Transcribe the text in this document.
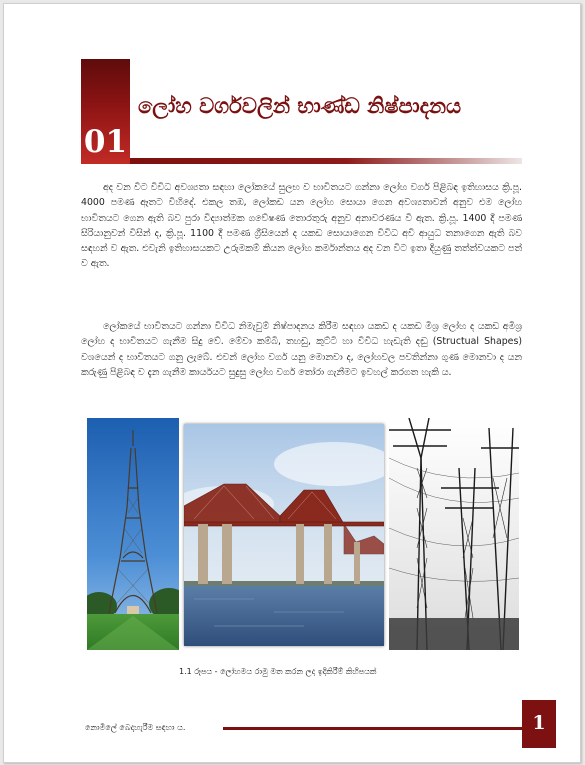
01
ලෝහ වර්ගවලින් භාණ්ඩ නිෂ්පාදනය
අද වන විට විවිධ අවශ්‍යතා සඳහා ලෝකයේ සුලභ ව භාවිතයට ගන්නා ලෝහ වර්ග පිළිබඳ ඉතිහාසය ක්‍රි.පූ. 4000 පමණ ඈතට විහිදේ. එකල තඹ, ලෝකඩ යන ලෝහ සොයා ගෙන අවශ්‍යතාවන් අනුව එම ලෝහ භාවිතයට ගෙන ඇති බව පුරා විද්‍යාත්මක ගවේෂණ තොරතුරු අනුව අනාවරණය වී ඇත. ක්‍රි.පූ. 1400 දී පමණ සිරියානුවන් විසින් ද, ක්‍රි.පූ. 1100 දී පමණ ග්‍රීසියෙන් ද යකඩ සොයාගෙන විවිධ අවි ආයුධ තනාගෙන ඇති බව සඳහන් ව ඇත. එවැනි ඉතිහාසයකට උරුමකම් කියන ලෝහ කර්මාන්තය අද වන විට ඉතා දියුණු තත්ත්වයකට පත් ව ඇත.
ලෝකයේ භාවිතයට ගන්නා විවිධ නිමැවුම් නිෂ්පාදනය කිරීම සඳහා යකඩ ද යකඩ මිශ්‍ර ලෝහ ද යකඩ අමිශ්‍ර ලෝහ ද භාවිතයට ගැනීම සිදු වේ. මේවා කම්බි, තහඩු, කුට්ටි හා විවිධ හැඩැති දඬු (Structual Shapes) වශයෙන් ද භාවිතයට ගනු ලැබේ. එවන් ලෝහ වර්ග යනු මොනවා ද, ලෝහවල පවතින්නා ගුණ මොනවා ද යන කරුණු පිළිබඳ ව දැන ගැනීම කාර්යයට සුදුසු ලෝහ වර්ග තෝරා ගැනීමට ඉවහල් කරගත හැකි ය.
1.1 රූපය - ලෝහමය රාමු මත කරන ලද ඉදිකිරීම් කිහිපයක්
නොමිලේ බෙදාහැරීම සඳහා ය.	1
